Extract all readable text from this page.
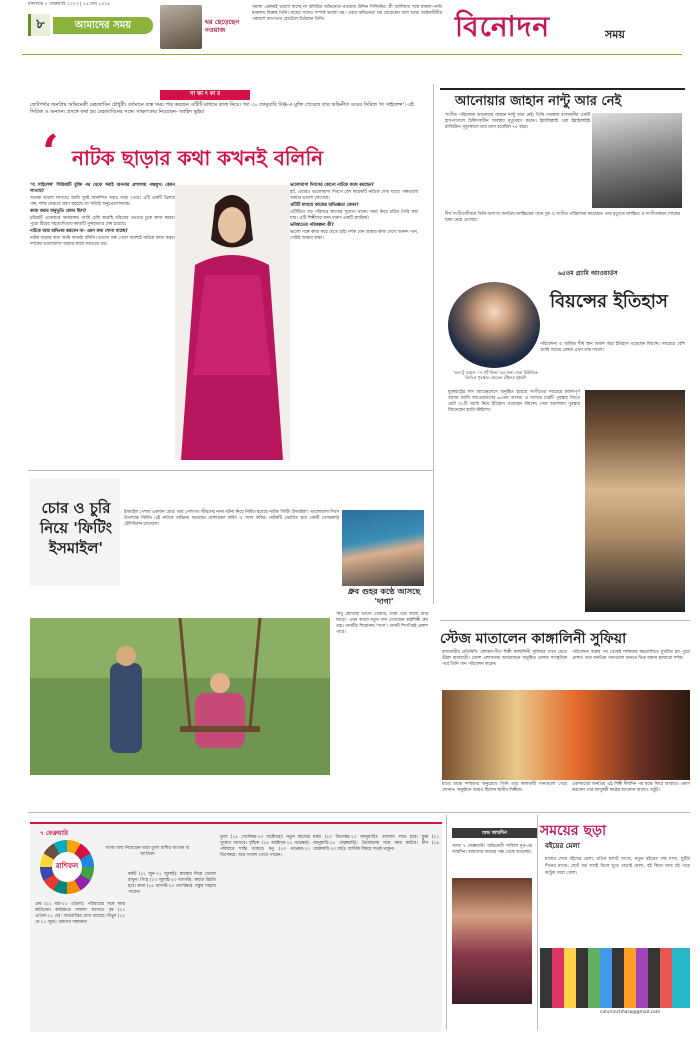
মঙ্গলবার ৭ ফেব্রুয়ারি ২০২৩ | ২৪ মাঘ ১৪২৯
৮	আমাদের সময়	ঘর ছেড়েছেন নওয়াজ
সমস্যা একদমই ভালো যাচ্ছে না বলিউড অভিনেতা নওয়াজ উদ্দিন সিদ্দিকির। স্ত্রী আলিয়ার সঙ্গে মামলা-পাল্টা মামলায় বিধ্বস্ত তিনি। মায়ের সঙ্গেও সম্পর্ক ভালো নয়। এবার অভিনেতা ঘর ছেড়েছেন বলে খবর। আইনজীবীর পরামর্শে আপাতত হোটেলে উঠেছেন তিনি।	বিনোদন	সময়
সা ক্ষা ৎ কা র
ছোটপর্দার জনপ্রিয় অভিনেত্রী মেহজাবিন চৌধুরী। বর্তমানে ব্যস্ত সময় পার করছেন ওটিটি মাধ্যমে কাজ নিয়ে। গত ৩০ জানুয়ারি বিঞ্জ-এ মুক্তি পেয়েছে তার অভিনীত ওয়েব সিরিজ 'দ্য সাইলেন্স'। এই সিরিজ ও অন্যান্য প্রসঙ্গে কথা হয় মেহজাবিনের সঙ্গে। সাক্ষাৎকার নিয়েছেন- জাহিদ ভূইয়া
‘ নাটক ছাড়ার কথা কখনই বলিনি

'দ্য সাইলেন্স' সিরিজটি মুক্তি পর থেকে সবাই অপনার প্রশংসায় পঞ্চমুখ। কেমন লাগছে?

অনেক ভালো লাগছে। আমি খুবই আনন্দিত সবার সাড়া পেয়ে। এটি একটি থ্রিলার গল্প, দর্শক যেভাবে গ্রহণ করেছে তা সত্যিই অনুপ্রেরণাদায়ক।

কাজ করার অনুভূতি কেমন ছিল?

চরিত্রটি একেবারে অন্যরকম। আমি চেষ্টা করেছি চরিত্রের ভেতরে ঢুকে কাজ করার। পুরো টিমের সহযোগিতায় কাজটি সুন্দরভাবে শেষ হয়েছে।

নাটকে আর অভিনয় করবেন না- এমন কথা শোনা যাচ্ছে?

নাটক ছাড়ার কথা আমি কখনই বলিনি। ভালো গল্প পেলে অবশ্যই নাটকে কাজ করব। দর্শকের ভালোবাসা আমার কাছে সবচেয়ে বড়।

ভালোবাসা দিবসের কোনো নাটকে কাজ করছেন?

হ্যাঁ, এবারও ভালোবাসা দিবসে বেশ কয়েকটি নাটকে দেখা যাবে। গল্পগুলো আমার ভালো লেগেছে।

ওটিটি মাধ্যমে কাজের অভিজ্ঞতা কেমন?

ওটিটিতে বড় পরিসরে কাজের সুযোগ থাকে। সময় নিয়ে চরিত্র তৈরি করা যায়। এটি শিল্পীদের জন্য দারুণ একটি প্ল্যাটফর্ম।

ভবিষ্যতের পরিকল্পনা কী?

ভালো গল্পে কাজ করে যেতে চাই। দর্শক যেন আমার কাজ দেখে আনন্দ পান, সেটাই আমার লক্ষ্য।

আনোয়ার জাহান নান্টু আর নেই
সংগীত পরিচালক আনোয়ার জাহান নান্টু আর নেই। তিনি গতকাল রাজধানীর একটি হাসপাতালে চিকিৎসাধীন অবস্থায় মৃত্যুবরণ করেন। ইন্নালিল্লাহি ওয়া ইন্নাইলাইহি রাজিউন। মৃত্যুকালে তার বয়স হয়েছিল ৭৫ বছর।
দীর্ঘ সংগীতজীবনে তিনি অসংখ্য জনপ্রিয় চলচ্চিত্রের গানে সুর ও সংগীত পরিচালনা করেছেন। তার মৃত্যুতে চলচ্চিত্র ও সংগীতাঙ্গনে শোকের ছায়া নেমে এসেছে।
৬৫তম গ্র্যামি অ্যাওয়ার্ডস
বিয়ন্সের ইতিহাস
'অল টু ওয়েল : দ্য শর্ট ফিল্ম'-এর জন্য সেরা মিউজিক ভিডিও পুরস্কার জেতেন টেইলর সুইফট
পরিবেশনা ও অর্জিত শীর্ষ স্থান অর্জন করে ইতিহাস গড়েছেন বিয়ন্সে। সবচেয়ে বেশি গ্র্যামি জয়ের রেকর্ড এখন তার দখলে।
যুক্তরাষ্ট্রের লস অ্যাঞ্জেলেসে অনুষ্ঠিত হয়েছে সংগীতের সবচেয়ে মর্যাদাপূর্ণ আসর গ্র্যামি অ্যাওয়ার্ডসের ৬৫তম আসর। এ আসরে চারটি পুরস্কার জিতে মোট ৩২টি গ্র্যামি নিয়ে ইতিহাস গড়েছেন বিয়ন্সে। সেরা অ্যালবাম পুরস্কার জিতেছেন হ্যারি স্টাইলস।
চোর ও চুরি নিয়ে 'ফিটিং ইসমাইল'
ইসমাইল পেশায় একজন চোর। তার পেশাগত জীবনের নানা ঘটনা নিয়ে নির্মিত হয়েছে নাটক 'ফিটিং ইসমাইল'। ভালোবাসা দিবস উপলক্ষে নির্মিত এই নাটকে অভিনয় করেছেন মোশাররফ করিম ও সাফা কবির। নাটকটি প্রচারিত হবে একটি বেসরকারি টেলিভিশন চ্যানেলে।
ধ্রুব গুহর কণ্ঠে আসছে 'দাগা'
'কথু রেখেছো ভাগ্যে তোমার, তারা পরে আছে যোর ঘাড়ে'- এমন কথায় নতুন গান গেয়েছেন কণ্ঠশিল্পী ধ্রুব গুহ। গানটির শিরোনাম 'দাগা'। গানটি শিগগিরই প্রকাশ পাবে।	স্টেজ মাতালেন কাঙ্গালিনী সুফিয়া
রাজবাড়ীর প্রতিনিধি: লোকসংগীত শিল্পী কাঙ্গালিনী সুফিয়ার গানে মেতে উঠল রাজবাড়ী। জেলা প্রশাসনের আয়োজনে অনুষ্ঠিত মেলার সাংস্কৃতিক পর্বে তিনি গান পরিবেশন করেন।
পরিবেশনা শুরুর পর থেকেই দর্শকদের করতালিতে মুখরিত হয় পুরো প্রাঙ্গণ। তার জনপ্রিয় গানগুলো শুনতে ভিড় জমান হাজারো দর্শক।
মাঝে মাঝে দর্শকদের অনুরোধে তিনি তার কালজয়ী গানগুলো গেয়ে শোনান। অনুষ্ঠানে আরও ছিলেন স্থানীয় শিল্পীরা।
একসময়ের জনপ্রিয় এই শিল্পী দীর্ঘদিন পর মঞ্চে ফিরে আবারও প্রমাণ করলেন তার জাদুকরী কণ্ঠের আবেদন আজও অটুট।
৭ ফেব্রুয়ারি
রাশিফল
আজ জন্ম নিয়েছেন যারা তুলা রাশির জাতক বা জাতিকা
মেষ (২১ মার্চ-২০ এপ্রিল): পরিবারের সঙ্গে সময় কাটাবেন। কর্মক্ষেত্রে সাফল্য আসবে। বৃষ (২১ এপ্রিল-২১ মে): অর্থপ্রাপ্তির যোগ রয়েছে। মিথুন (২২ মে-২১ জুন): ভ্রমণের সম্ভাবনা।
কর্কট (২২ জুন-২২ জুলাই): স্বাস্থ্যের দিকে খেয়াল রাখুন। সিংহ (২৩ জুলাই-২৩ আগস্ট): কাজে উন্নতি হবে। কন্যা (২৪ আগস্ট-২৩ সেপ্টেম্বর): বন্ধুর সাহায্য পাবেন।
তুলা (২৪ সেপ্টেম্বর-২৩ অক্টোবর): নতুন কাজের সুযোগ আসবে। বৃশ্চিক (২৪ অক্টোবর-২২ নভেম্বর): পরিবারে শান্তি থাকবে। ধনু (২৩ নভেম্বর-২২ ডিসেম্বর): শুভ সংবাদ পেতে পারেন।
মকর (২৩ ডিসেম্বর-২০ জানুয়ারি): ব্যবসায় লাভ হবে। কুম্ভ (২১ জানুয়ারি-১৮ ফেব্রুয়ারি): প্রিয়জনের সঙ্গে সময় কাটবে। মীন (১৯ ফেব্রুয়ারি-২০ মার্চ): আর্থিক বিষয়ে সতর্ক থাকুন।
শুভ জন্মদিন
আজ ৭ ফেব্রুয়ারি। অভিনেত্রী সাবিলা নূর-এর জন্মদিন। আমাদের সময়ের পক্ষ থেকে শুভেচ্ছা।
সময়ের ছড়া
বইয়ের মেলা
মাঘের শেষে বইয়ের মেলা, রঙিন মলাট সাজে, নতুন বইয়ের গন্ধ মাখা, ছুটির দিনের মাঝে। ছোট বড় সবাই মিলে ঘুরে বেড়াই মেলা, বই কিনে আর বই পড়ে কাটুক সারা বেলা।
columnchhara@gmail.com
